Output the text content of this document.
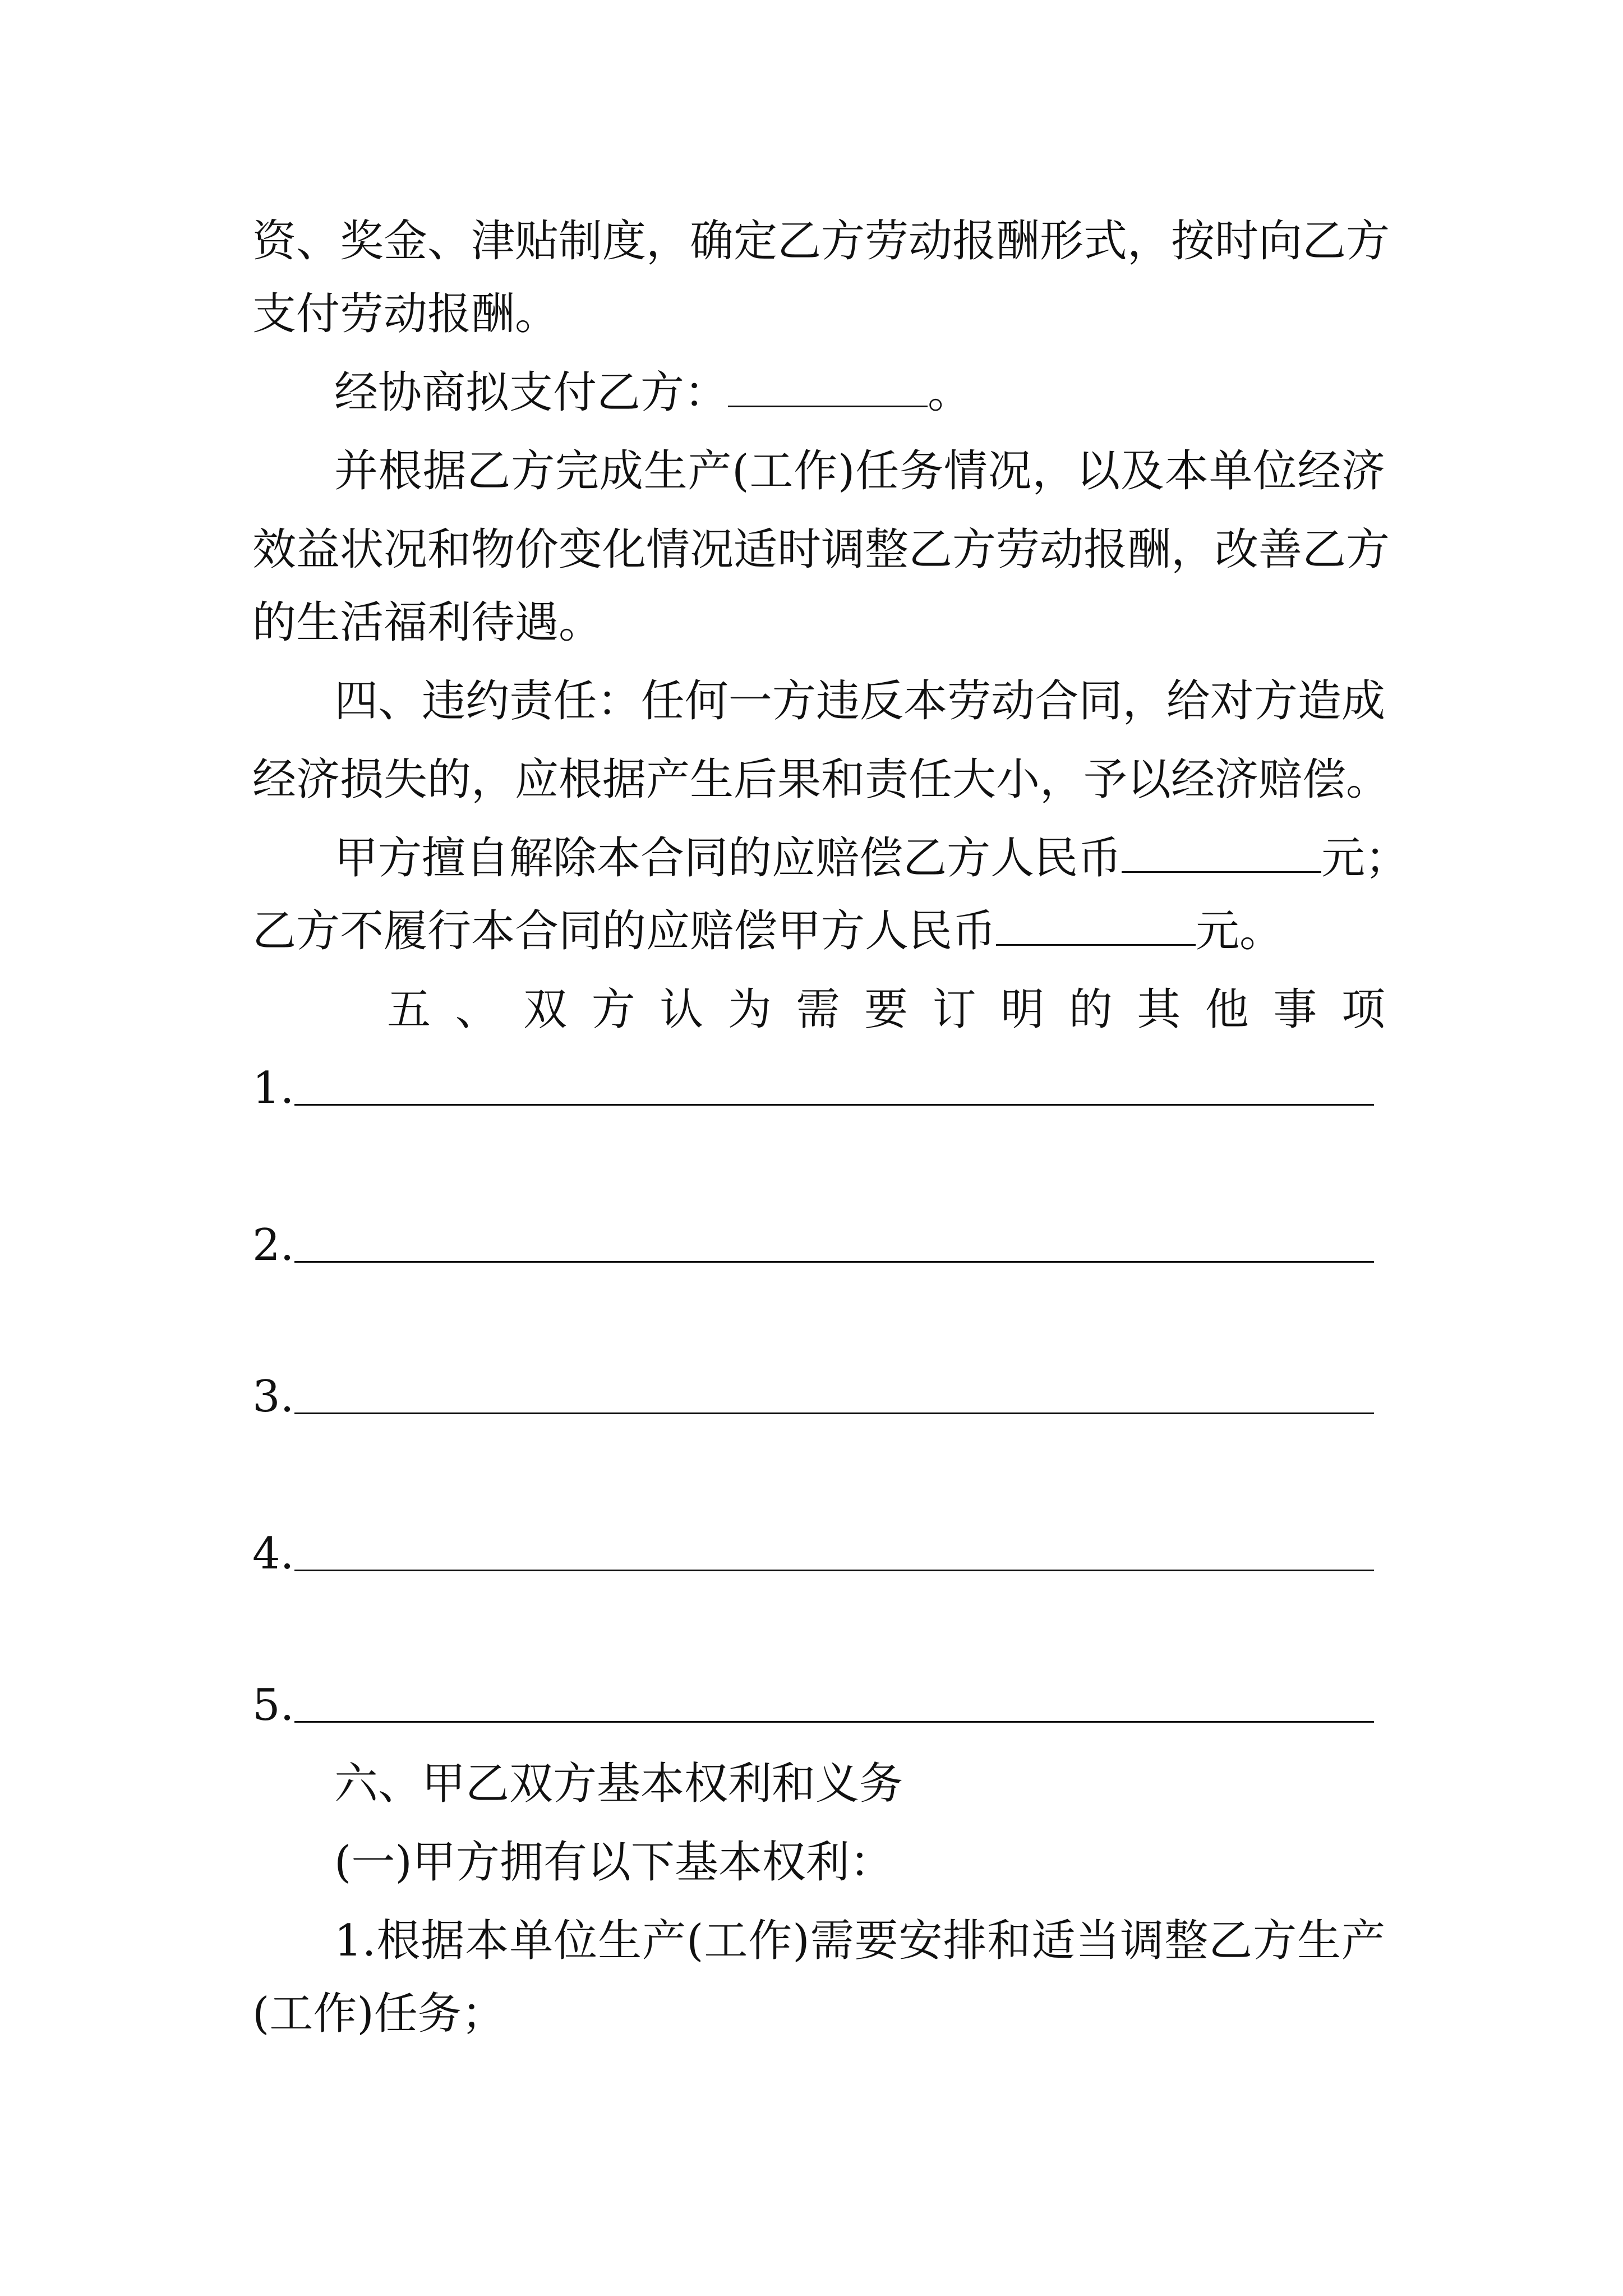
资、奖金、津贴制度，确定乙方劳动报酬形式，按时向乙方
支付劳动报酬。
经协商拟支付乙方：	。
并根据乙方完成生产(工作)任务情况，以及本单位经济
效益状况和物价变化情况适时调整乙方劳动报酬，改善乙方
的生活福利待遇。
四、违约责任：任何一方违反本劳动合同，给对方造成
经济损失的，应根据产生后果和责任大小，予以经济赔偿。
甲方擅自解除本合同的应赔偿乙方人民币	元；
乙方不履行本合同的应赔偿甲方人民币	元。
五、双方认为需要订明的其他事项
1.
2.
3.
4.
5.
六、甲乙双方基本权利和义务
(一)甲方拥有以下基本权利：
1.根据本单位生产(工作)需要安排和适当调整乙方生产
(工作)任务；
